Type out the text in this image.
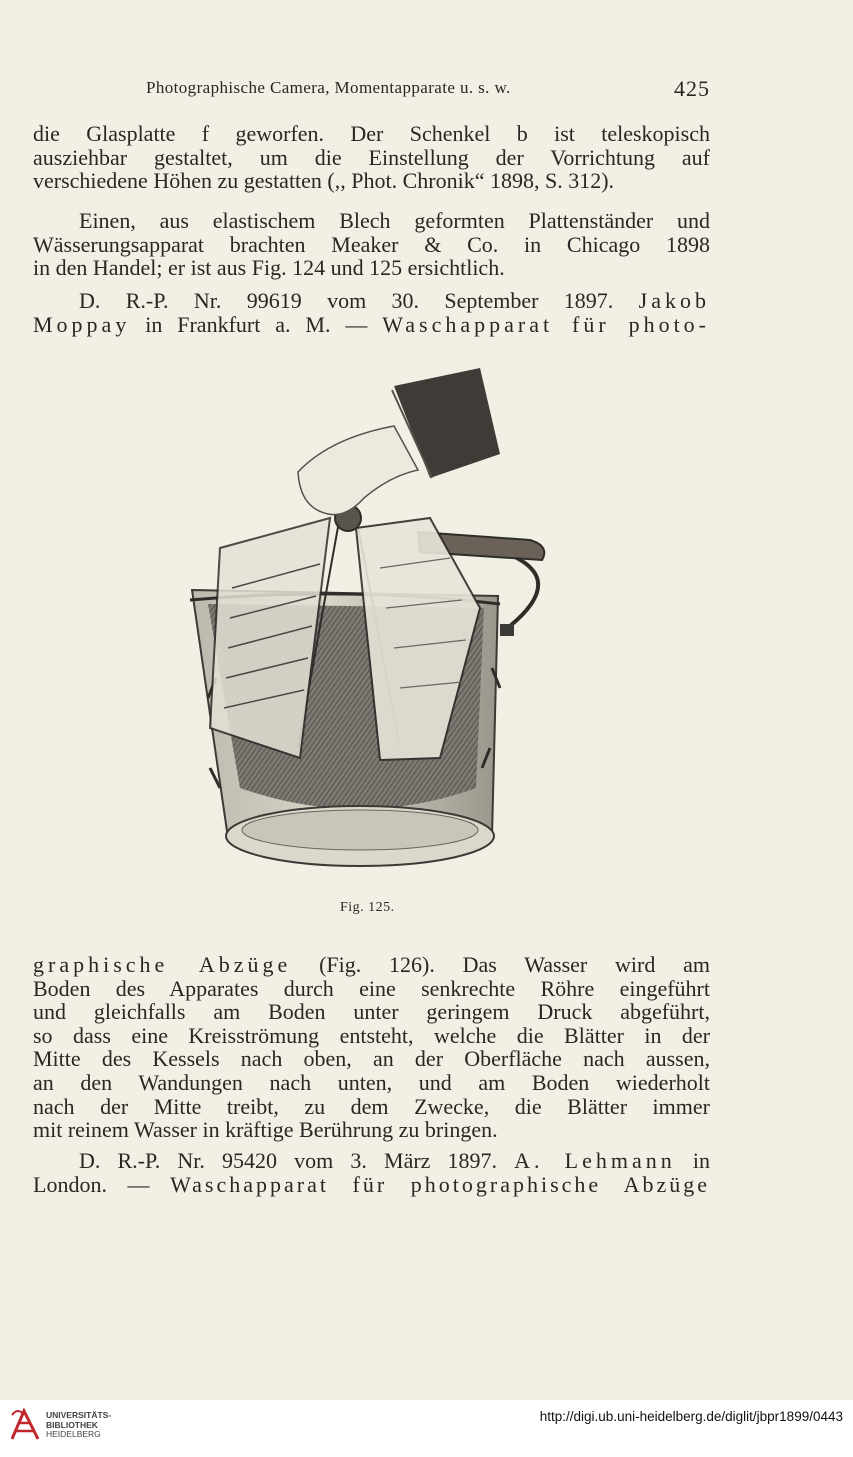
Photographische Camera, Momentapparate u. s. w.	425
die Glasplatte f geworfen. Der Schenkel b ist teleskopisch
ausziehbar gestaltet, um die Einstellung der Vorrichtung auf
verschiedene Höhen zu gestatten (,, Phot. Chronik“ 1898, S. 312).
Einen, aus elastischem Blech geformten Plattenständer und
Wässerungsapparat brachten Meaker & Co. in Chicago 1898
in den Handel; er ist aus Fig. 124 und 125 ersichtlich.
D. R.-P. Nr. 99619 vom 30. September 1897. Jakob
Moppay in Frankfurt a. M. — Waschapparat für photo-
Fig. 125.
graphische Abzüge (Fig. 126). Das Wasser wird am
Boden des Apparates durch eine senkrechte Röhre eingeführt
und gleichfalls am Boden unter geringem Druck abgeführt,
so dass eine Kreisströmung entsteht, welche die Blätter in der
Mitte des Kessels nach oben, an der Oberfläche nach aussen,
an den Wandungen nach unten, und am Boden wiederholt
nach der Mitte treibt, zu dem Zwecke, die Blätter immer
mit reinem Wasser in kräftige Berührung zu bringen.
D. R.-P. Nr. 95420 vom 3. März 1897. A. Lehmann in
London. — Waschapparat für photographische Abzüge
UNIVERSITÄTS-
BIBLIOTHEK
HEIDELBERG
http://digi.ub.uni-heidelberg.de/diglit/jbpr1899/0443
